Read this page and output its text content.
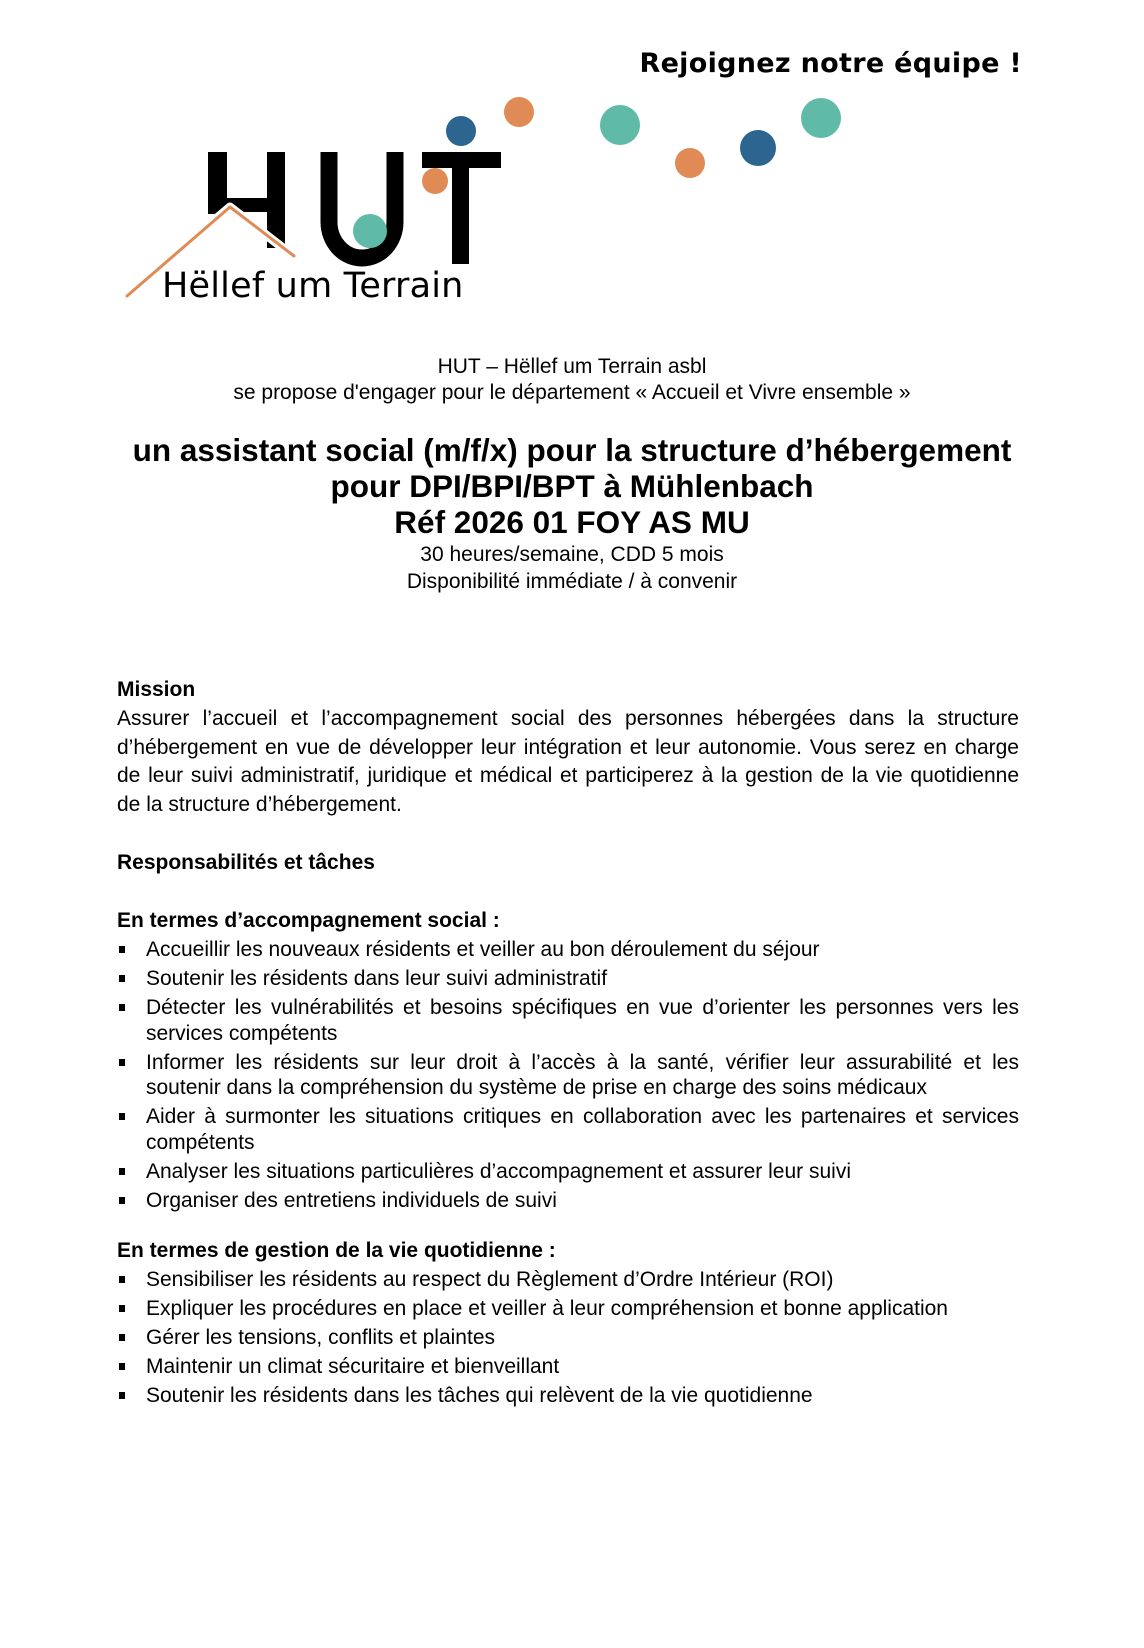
Rejoignez notre équipe !
Hëllef um Terrain
HUT – Hëllef um Terrain asbl
se propose d'engager pour le département « Accueil et Vivre ensemble »
un assistant social (m/f/x) pour la structure d’hébergement
pour DPI/BPI/BPT à Mühlenbach
Réf 2026 01 FOY AS MU
30 heures/semaine, CDD 5 mois
Disponibilité immédiate / à convenir
Mission

Assurer l’accueil et l’accompagnement social des personnes hébergées dans la structure d’hébergement en vue de développer leur intégration et leur autonomie. Vous serez en charge de leur suivi administratif, juridique et médical et participerez à la gestion de la vie quotidienne de la structure d’hébergement.

Responsabilités et tâches
En termes d’accompagnement social :
Accueillir les nouveaux résidents et veiller au bon déroulement du séjour
Soutenir les résidents dans leur suivi administratif
Détecter les vulnérabilités et besoins spécifiques en vue d’orienter les personnes vers les services compétents
Informer les résidents sur leur droit à l’accès à la santé, vérifier leur assurabilité et les soutenir dans la compréhension du système de prise en charge des soins médicaux
Aider à surmonter les situations critiques en collaboration avec les partenaires et services compétents
Analyser les situations particulières d’accompagnement et assurer leur suivi
Organiser des entretiens individuels de suivi
En termes de gestion de la vie quotidienne :
Sensibiliser les résidents au respect du Règlement d’Ordre Intérieur (ROI)
Expliquer les procédures en place et veiller à leur compréhension et bonne application
Gérer les tensions, conflits et plaintes
Maintenir un climat sécuritaire et bienveillant
Soutenir les résidents dans les tâches qui relèvent de la vie quotidienne
